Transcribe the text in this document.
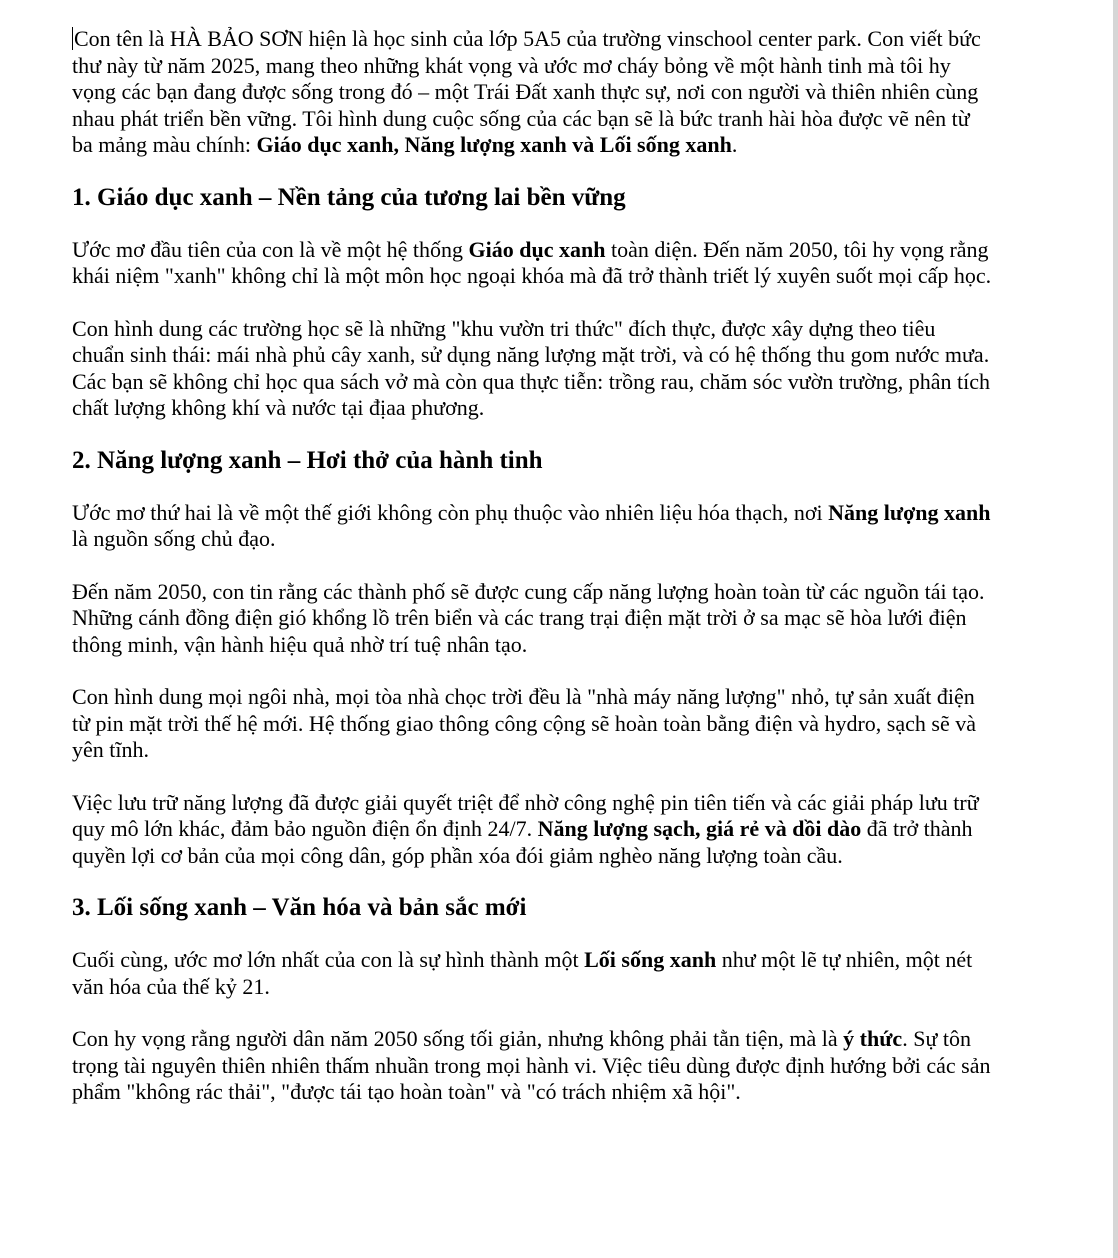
Con tên là HÀ BẢO SƠN hiện là học sinh của lớp 5A5 của trường vinschool center park. Con viết bức thư này từ năm 2025, mang theo những khát vọng và ước mơ cháy bỏng về một hành tinh mà tôi hy vọng các bạn đang được sống trong đó – một Trái Đất xanh thực sự, nơi con người và thiên nhiên cùng nhau phát triển bền vững. Tôi hình dung cuộc sống của các bạn sẽ là bức tranh hài hòa được vẽ nên từ ba mảng màu chính: Giáo dục xanh, Năng lượng xanh và Lối sống xanh.

1. Giáo dục xanh – Nền tảng của tương lai bền vững

Ước mơ đầu tiên của con là về một hệ thống Giáo dục xanh toàn diện. Đến năm 2050, tôi hy vọng rằng khái niệm "xanh" không chỉ là một môn học ngoại khóa mà đã trở thành triết lý xuyên suốt mọi cấp học.

Con hình dung các trường học sẽ là những "khu vườn tri thức" đích thực, được xây dựng theo tiêu chuẩn sinh thái: mái nhà phủ cây xanh, sử dụng năng lượng mặt trời, và có hệ thống thu gom nước mưa. Các bạn sẽ không chỉ học qua sách vở mà còn qua thực tiễn: trồng rau, chăm sóc vườn trường, phân tích chất lượng không khí và nước tại địaa phương.

2. Năng lượng xanh – Hơi thở của hành tinh

Ước mơ thứ hai là về một thế giới không còn phụ thuộc vào nhiên liệu hóa thạch, nơi Năng lượng xanh là nguồn sống chủ đạo.

Đến năm 2050, con tin rằng các thành phố sẽ được cung cấp năng lượng hoàn toàn từ các nguồn tái tạo. Những cánh đồng điện gió khổng lồ trên biển và các trang trại điện mặt trời ở sa mạc sẽ hòa lưới điện thông minh, vận hành hiệu quả nhờ trí tuệ nhân tạo.

Con hình dung mọi ngôi nhà, mọi tòa nhà chọc trời đều là "nhà máy năng lượng" nhỏ, tự sản xuất điện từ pin mặt trời thế hệ mới. Hệ thống giao thông công cộng sẽ hoàn toàn bằng điện và hydro, sạch sẽ và yên tĩnh.

Việc lưu trữ năng lượng đã được giải quyết triệt để nhờ công nghệ pin tiên tiến và các giải pháp lưu trữ quy mô lớn khác, đảm bảo nguồn điện ổn định 24/7. Năng lượng sạch, giá rẻ và dồi dào đã trở thành quyền lợi cơ bản của mọi công dân, góp phần xóa đói giảm nghèo năng lượng toàn cầu.

3. Lối sống xanh – Văn hóa và bản sắc mới

Cuối cùng, ước mơ lớn nhất của con là sự hình thành một Lối sống xanh như một lẽ tự nhiên, một nét văn hóa của thế kỷ 21.

Con hy vọng rằng người dân năm 2050 sống tối giản, nhưng không phải tằn tiện, mà là ý thức. Sự tôn trọng tài nguyên thiên nhiên thấm nhuần trong mọi hành vi. Việc tiêu dùng được định hướng bởi các sản phẩm "không rác thải", "được tái tạo hoàn toàn" và "có trách nhiệm xã hội".
